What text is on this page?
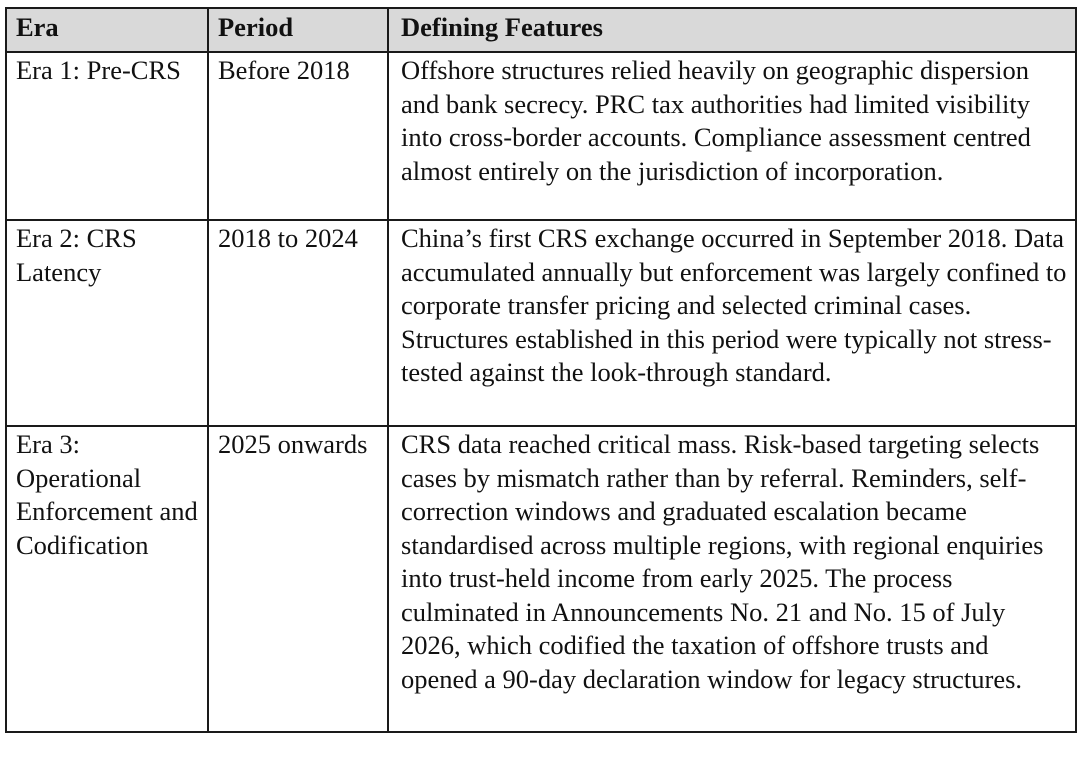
Era	Period	Defining Features
Era 1: Pre-CRS	Before 2018	Offshore structures relied heavily on geographic dispersion and bank secrecy. PRC tax authorities had limited visibility into cross-border accounts. Compliance assessment centred almost entirely on the jurisdiction of incorporation.
Era 2: CRS Latency	2018 to 2024	China’s first CRS exchange occurred in September 2018. Data accumulated annually but enforcement was largely confined to corporate transfer pricing and selected criminal cases. Structures established in this period were typically not stress-tested against the look-through standard.
Era 3: Operational Enforcement and Codification	2025 onwards	CRS data reached critical mass. Risk-based targeting selects cases by mismatch rather than by referral. Reminders, self-correction windows and graduated escalation became standardised across multiple regions, with regional enquiries into trust-held income from early 2025. The process culminated in Announcements No. 21 and No. 15 of July 2026, which codified the taxation of offshore trusts and opened a 90-day declaration window for legacy structures.
